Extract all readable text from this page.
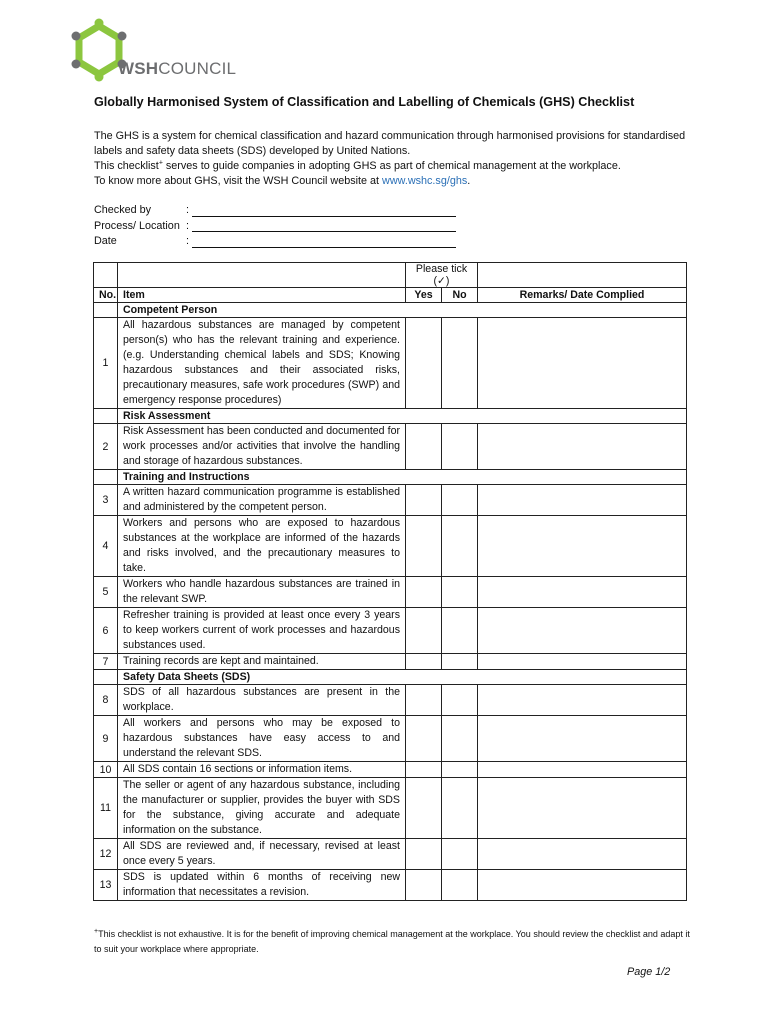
WSHCOUNCIL
Globally Harmonised System of Classification and Labelling of Chemicals (GHS) Checklist

The GHS is a system for chemical classification and hazard communication through harmonised provisions for standardised labels and safety data sheets (SDS) developed by United Nations.

This checklist+ serves to guide companies in adopting GHS as part of chemical management at the workplace.

To know more about GHS, visit the WSH Council website at www.wshc.sg/ghs.

Checked by	:
Process/ Location :
Date	:
		Please tick (✓)		
No.	Item	Yes	No	Remarks/ Date Complied
	Competent Person			
1	All hazardous substances are managed by competent person(s) who has the relevant training and experience. (e.g. Understanding chemical labels and SDS; Knowing hazardous substances and their associated risks, precautionary measures, safe work procedures (SWP) and emergency response procedures)			
	Risk Assessment			
2	Risk Assessment has been conducted and documented for work processes and/or activities that involve the handling and storage of hazardous substances.			
	Training and Instructions			
3	A written hazard communication programme is established and administered by the competent person.			
4	Workers and persons who are exposed to hazardous substances at the workplace are informed of the hazards and risks involved, and the precautionary measures to take.			
5	Workers who handle hazardous substances are trained in the relevant SWP.			
6	Refresher training is provided at least once every 3 years to keep workers current of work processes and hazardous substances used.			
7	Training records are kept and maintained.			
	Safety Data Sheets (SDS)			
8	SDS of all hazardous substances are present in the workplace.			
9	All workers and persons who may be exposed to hazardous substances have easy access to and understand the relevant SDS.			
10	All SDS contain 16 sections or information items.			
11	The seller or agent of any hazardous substance, including the manufacturer or supplier, provides the buyer with SDS for the substance, giving accurate and adequate information on the substance.			
12	All SDS are reviewed and, if necessary, revised at least once every 5 years.			
13	SDS is updated within 6 months of receiving new information that necessitates a revision.			
+This checklist is not exhaustive. It is for the benefit of improving chemical management at the workplace. You should review the checklist and adapt it to suit your workplace where appropriate.
Page 1/2
